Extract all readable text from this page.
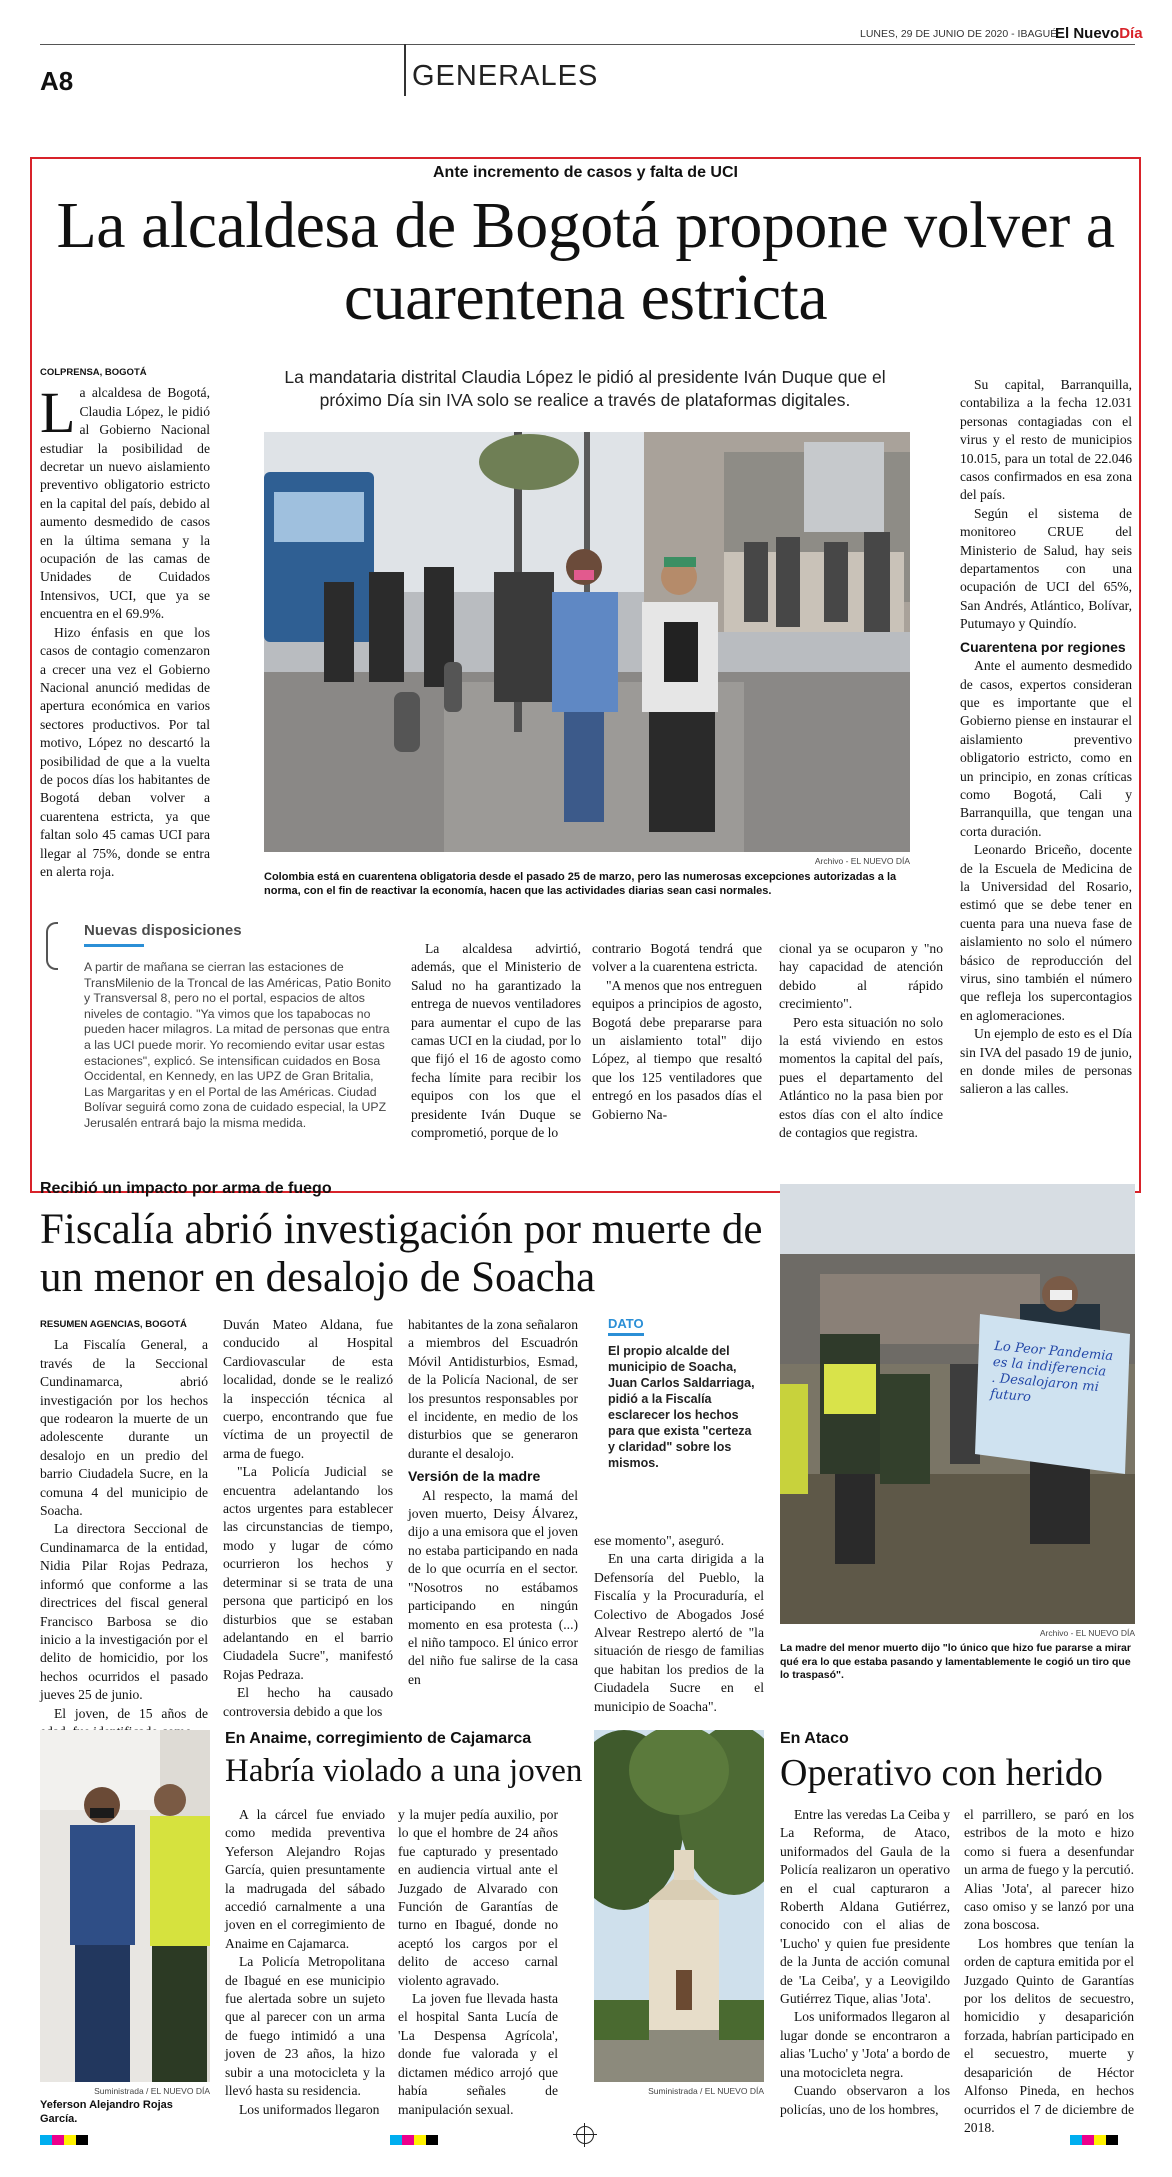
LUNES, 29 DE JUNIO DE 2020 - IBAGUÉ
El NuevoDía
A8	GENERALES
Ante incremento de casos y falta de UCI
La alcaldesa de Bogotá propone volver a cuarentena estricta
La mandataria distrital Claudia López le pidió al presidente Iván Duque que el próximo Día sin IVA solo se realice a través de plataformas digitales.
COLPRENSA, BOGOTÁ
L a alcaldesa de Bogotá, Claudia López, le pidió al Gobierno Nacional estudiar la posibilidad de decretar un nuevo aislamiento preventivo obligatorio estricto en la capital del país, debido al aumento desmedido de casos en la última semana y la ocupación de las camas de Unidades de Cuidados Intensivos, UCI, que ya se encuentra en el 69.9%.

Hizo énfasis en que los casos de contagio comenzaron a crecer una vez el Gobierno Nacional anunció medidas de apertura económica en varios sectores productivos. Por tal motivo, López no descartó la posibilidad de que a la vuelta de pocos días los habitantes de Bogotá deban volver a cuarentena estricta, ya que faltan solo 45 camas UCI para llegar al 75%, donde se entra en alerta roja.

Archivo - EL NUEVO DÍA
Colombia está en cuarentena obligatoria desde el pasado 25 de marzo, pero las numerosas excepciones autorizadas a la norma, con el fin de reactivar la economía, hacen que las actividades diarias sean casi normales.
Nuevas disposiciones
A partir de mañana se cierran las estaciones de TransMilenio de la Troncal de las Américas, Patio Bonito y Transversal 8, pero no el portal, espacios de altos niveles de contagio. "Ya vimos que los tapabocas no pueden hacer milagros. La mitad de personas que entra a las UCI puede morir. Yo recomiendo evitar usar estas estaciones", explicó. Se intensifican cuidados en Bosa Occidental, en Kennedy, en las UPZ de Gran Britalia, Las Margaritas y en el Portal de las Américas. Ciudad Bolívar seguirá como zona de cuidado especial, la UPZ Jerusalén entrará bajo la misma medida.

La alcaldesa advirtió, además, que el Ministerio de Salud no ha garantizado la entrega de nuevos ventiladores para aumentar el cupo de las camas UCI en la ciudad, por lo que fijó el 16 de agosto como fecha límite para recibir los equipos con los que el presidente Iván Duque se comprometió, porque de lo

contrario Bogotá tendrá que volver a la cuarentena estricta.

"A menos que nos entreguen equipos a principios de agosto, Bogotá debe prepararse para un aislamiento total" dijo López, al tiempo que resaltó que los 125 ventiladores que entregó en los pasados días el Gobierno Na-

cional ya se ocuparon y "no hay capacidad de atención debido al rápido crecimiento".

Pero esta situación no solo la está viviendo en estos momentos la capital del país, pues el departamento del Atlántico no la pasa bien por estos días con el alto índice de contagios que registra.

Su capital, Barranquilla, contabiliza a la fecha 12.031 personas contagiadas con el virus y el resto de municipios 10.015, para un total de 22.046 casos confirmados en esa zona del país.

Según el sistema de monitoreo CRUE del Ministerio de Salud, hay seis departamentos con una ocupación de UCI del 65%, San Andrés, Atlántico, Bolívar, Putumayo y Quindío.

Cuarentena por regiones

Ante el aumento desmedido de casos, expertos consideran que es importante que el Gobierno piense en instaurar el aislamiento preventivo obligatorio estricto, como en un principio, en zonas críticas como Bogotá, Cali y Barranquilla, que tengan una corta duración.

Leonardo Briceño, docente de la Escuela de Medicina de la Universidad del Rosario, estimó que se debe tener en cuenta para una nueva fase de aislamiento no solo el número básico de reproducción del virus, sino también el número que refleja los supercontagios en aglomeraciones.

Un ejemplo de esto es el Día sin IVA del pasado 19 de junio, en donde miles de personas salieron a las calles.

Recibió un impacto por arma de fuego
Fiscalía abrió investigación por muerte de un menor en desalojo de Soacha
RESUMEN AGENCIAS, BOGOTÁ

La Fiscalía General, a través de la Seccional Cundinamarca, abrió investigación por los hechos que rodearon la muerte de un adolescente durante un desalojo en un predio del barrio Ciudadela Sucre, en la comuna 4 del municipio de Soacha.

La directora Seccional de Cundinamarca de la entidad, Nidia Pilar Rojas Pedraza, informó que conforme a las directrices del fiscal general Francisco Barbosa se dio inicio a la investigación por el delito de homicidio, por los hechos ocurridos el pasado jueves 25 de junio.

El joven, de 15 años de

Duván Mateo Aldana, fue conducido al Hospital Cardiovascular de esta localidad, donde se le realizó la inspección técnica al cuerpo, encontrando que fue víctima de un proyectil de arma de fuego.

"La Policía Judicial se encuentra adelantando los actos urgentes para establecer las circunstancias de tiempo, modo y lugar de cómo ocurrieron los hechos y determinar si se trata de una persona que participó en los disturbios que se estaban adelantando en el barrio Ciudadela Sucre", manifestó Rojas Pedraza.

El hecho ha causado controversia debido a que los

habitantes de la zona señalaron a miembros del Escuadrón Móvil Antidisturbios, Esmad, de la Policía Nacional, de ser los presuntos responsables por el incidente, en medio de los disturbios que se generaron durante el desalojo.

Versión de la madre

Al respecto, la mamá del joven muerto, Deisy Álvarez, dijo a una emisora que el joven no estaba participando en nada de lo que ocurría en el sector. "Nosotros no estábamos participando en ningún momento en esa protesta (...) el niño tampoco. El único error del niño fue salirse de la casa en

DATO
El propio alcalde del municipio de Soacha, Juan Carlos Saldarriaga, pidió a la Fiscalía esclarecer los hechos para que exista "certeza y claridad" sobre los mismos.

ese momento", aseguró.

En una carta dirigida a la Defensoría del Pueblo, la Fiscalía y la Procuraduría, el Colectivo de Abogados José Alvear Restrepo alertó de "la situación de riesgo de familias que habitan los predios de la Ciudadela Sucre en el municipio de Soacha".

Lo Peor Pandemia es la indiferencia . Desalojaron mi futuro
Archivo - EL NUEVO DÍA
La madre del menor muerto dijo "lo único que hizo fue pararse a mirar qué era lo que estaba pasando y lamentablemente le cogió un tiro que lo traspasó".
Suministrada / EL NUEVO DÍA
Yeferson Alejandro Rojas García.
En Anaime, corregimiento de Cajamarca
Habría violado a una joven

A la cárcel fue enviado como medida preventiva Yeferson Alejandro Rojas García, quien presuntamente la madrugada del sábado accedió carnalmente a una joven en el corregimiento de Anaime en Cajamarca.

La Policía Metropolitana de Ibagué en ese municipio fue alertada sobre un sujeto que al parecer con un arma de fuego intimidó a una joven de 23 años, la hizo subir a una motocicleta y la llevó hasta su residencia.

Los uniformados llegaron

y la mujer pedía auxilio, por lo que el hombre de 24 años fue capturado y presentado en audiencia virtual ante el Juzgado de Alvarado con Función de Garantías de turno en Ibagué, donde no aceptó los cargos por el delito de acceso carnal violento agravado.

La joven fue llevada hasta el hospital Santa Lucía de 'La Despensa Agrícola', donde fue valorada y el dictamen médico arrojó que había señales de manipulación sexual.

Suministrada / EL NUEVO DÍA
En Ataco
Operativo con herido

Entre las veredas La Ceiba y La Reforma, de Ataco, uniformados del Gaula de la Policía realizaron un operativo en el cual capturaron a Roberth Aldana Gutiérrez, conocido con el alias de 'Lucho' y quien fue presidente de la Junta de acción comunal de 'La Ceiba', y a Leovigildo Gutiérrez Tique, alias 'Jota'.

Los uniformados llegaron al lugar donde se encontraron a alias 'Lucho' y 'Jota' a bordo de una motocicleta negra.

Cuando observaron a los policías, uno de los hombres,

el parrillero, se paró en los estribos de la moto e hizo como si fuera a desenfundar un arma de fuego y la percutió. Alias 'Jota', al parecer hizo caso omiso y se lanzó por una zona boscosa.

Los hombres que tenían la orden de captura emitida por el Juzgado Quinto de Garantías por los delitos de secuestro, homicidio y desaparición forzada, habrían participado en el secuestro, muerte y desaparición de Héctor Alfonso Pineda, en hechos ocurridos el 7 de diciembre de 2018.
